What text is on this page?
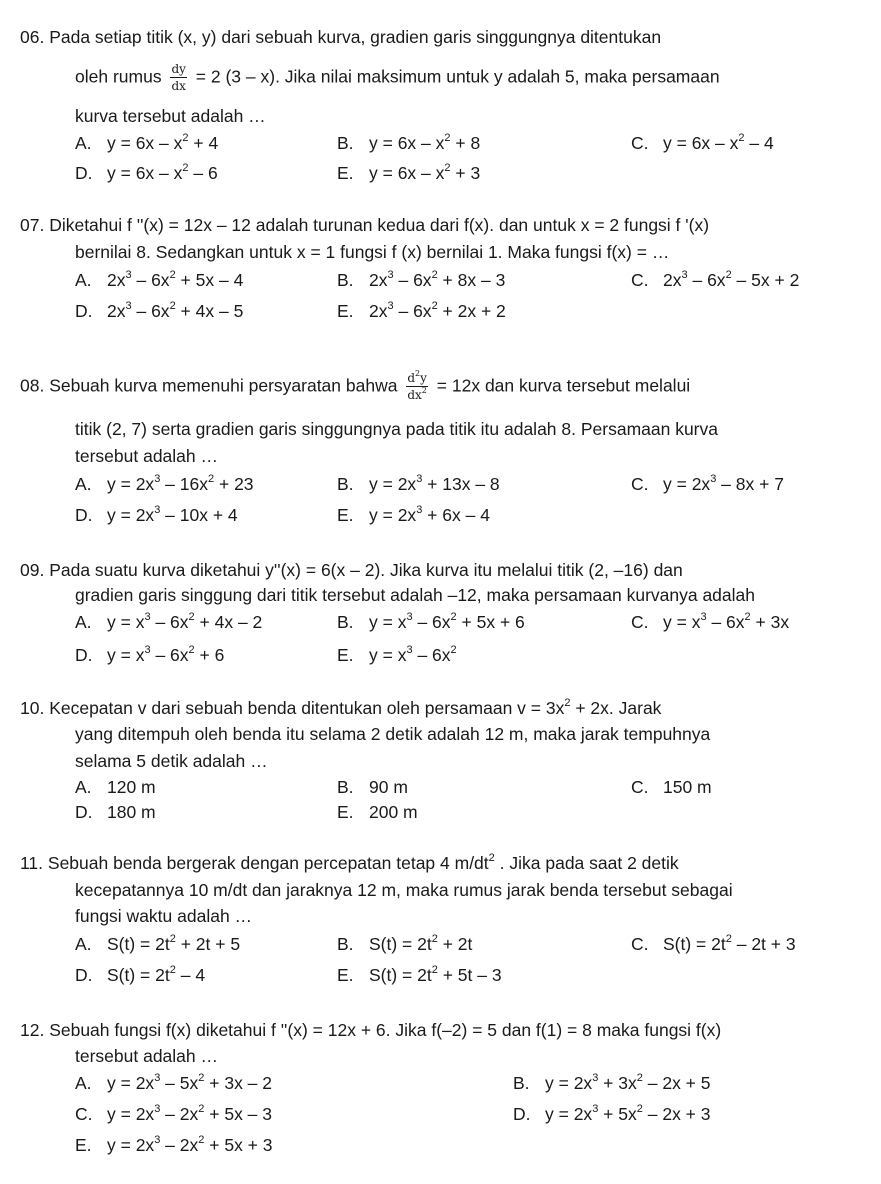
06. Pada setiap titik (x, y) dari sebuah kurva, gradien garis singgungnya ditentukan
oleh rumus $\frac{dy}{dx} = 2$ (3 – x). Jika nilai maksimum untuk y adalah 5, maka persamaan
kurva tersebut adalah …
A. $y = 6x - x^2 + 4$	B. $y = 6x - x^2 + 8$	C. $y = 6x - x^2 - 4$
D. $y = 6x - x^2 - 6$	E. $y = 6x - x^2 + 3$
07. Diketahui f ''(x) = 12x – 12 adalah turunan kedua dari f(x). dan untuk x = 2 fungsi f '(x)
bernilai 8. Sedangkan untuk x = 1 fungsi f (x) bernilai 1. Maka fungsi f(x) = …
A. $2x^3 - 6x^2 + 5x - 4$	B. $2x^3 - 6x^2 + 8x - 3$	C. $2x^3 - 6x^2 - 5x + 2$
D. $2x^3 - 6x^2 + 4x - 5$	E. $2x^3 - 6x^2 + 2x + 2$
08. Sebuah kurva memenuhi persyaratan bahwa $\frac{d^2y}{dx^2} = 12x$ dan kurva tersebut melalui
titik (2, 7) serta gradien garis singgungnya pada titik itu adalah 8. Persamaan kurva
tersebut adalah …
A. $y = 2x^3 - 16x^2 + 23$	B. $y = 2x^3 + 13x - 8$	C. $y = 2x^3 - 8x + 7$
D. $y = 2x^3 - 10x + 4$	E. $y = 2x^3 + 6x - 4$
09. Pada suatu kurva diketahui y''(x) = 6(x – 2). Jika kurva itu melalui titik (2, –16) dan
gradien garis singgung dari titik tersebut adalah –12, maka persamaan kurvanya adalah
A. $y = x^3 - 6x^2 + 4x - 2$	B. $y = x^3 - 6x^2 + 5x + 6$	C. $y = x^3 - 6x^2 + 3x$
D. $y = x^3 - 6x^2 + 6$	E. $y = x^3 - 6x^2$
10. Kecepatan v dari sebuah benda ditentukan oleh persamaan $v = 3x^2 + 2x$. Jarak
yang ditempuh oleh benda itu selama 2 detik adalah 12 m, maka jarak tempuhnya
selama 5 detik adalah …
A. 120 m	B. 90 m	C. 150 m
D. 180 m	E. 200 m
11. Sebuah benda bergerak dengan percepatan tetap 4 $m/dt^2$ . Jika pada saat 2 detik
kecepatannya 10 m/dt dan jaraknya 12 m, maka rumus jarak benda tersebut sebagai
fungsi waktu adalah …
A. $S(t) = 2t^2 + 2t + 5$	B. $S(t) = 2t^2 + 2t$	C. $S(t) = 2t^2 - 2t + 3$
D. $S(t) = 2t^2 - 4$	E. $S(t) = 2t^2 + 5t - 3$
12. Sebuah fungsi f(x) diketahui f ''(x) = 12x + 6. Jika f(–2) = 5 dan f(1) = 8 maka fungsi f(x)
tersebut adalah …
A. $y = 2x^3 - 5x^2 + 3x - 2$	B. $y = 2x^3 + 3x^2 - 2x + 5$
C. $y = 2x^3 - 2x^2 + 5x - 3$	D. $y = 2x^3 + 5x^2 - 2x + 3$
E. $y = 2x^3 - 2x^2 + 5x + 3$
